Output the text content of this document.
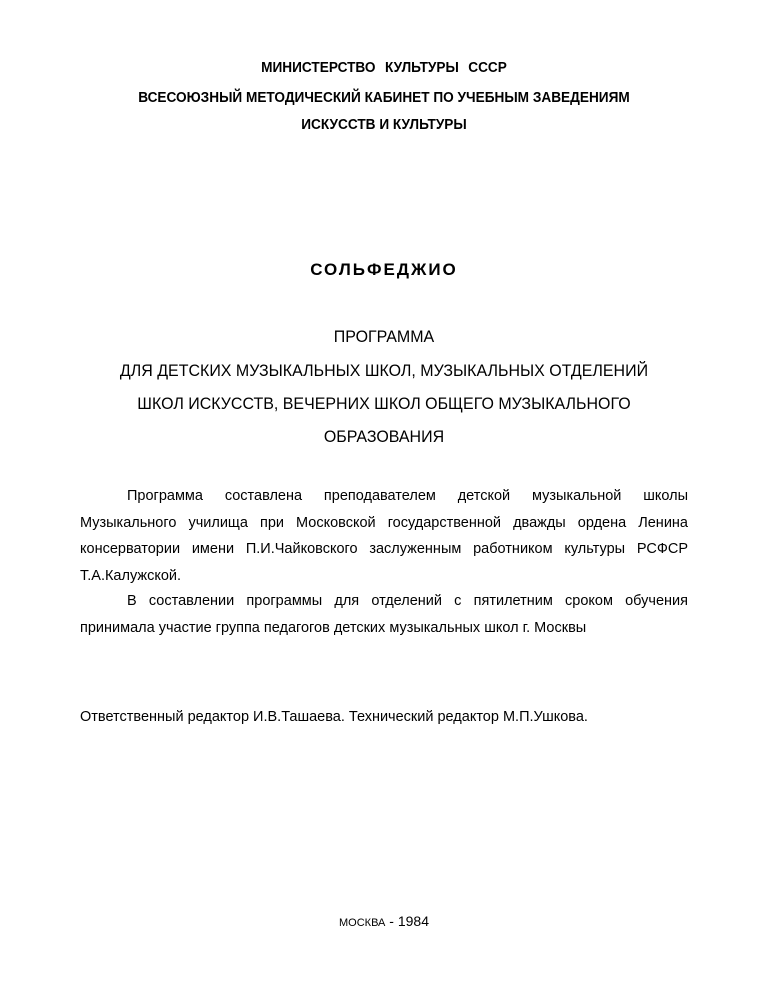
МИНИСТЕРСТВО КУЛЬТУРЫ СССР
ВСЕСОЮЗНЫЙ МЕТОДИЧЕСКИЙ КАБИНЕТ ПО УЧЕБНЫМ ЗАВЕДЕНИЯМ
ИСКУССТВ И КУЛЬТУРЫ
СОЛЬФЕДЖИО
ПРОГРАММА
ДЛЯ ДЕТСКИХ МУЗЫКАЛЬНЫХ ШКОЛ, МУЗЫКАЛЬНЫХ ОТДЕЛЕНИЙ
ШКОЛ ИСКУССТВ, ВЕЧЕРНИХ ШКОЛ ОБЩЕГО МУЗЫКАЛЬНОГО
ОБРАЗОВАНИЯ
Программа составлена преподавателем детской музыкальной школы Музыкального училища при Московской государственной дважды ордена Ленина консерватории имени П.И.Чайковского заслуженным работником культуры РСФСР Т.А.Калужской.
В составлении программы для отделений с пятилетним сроком обучения принимала участие группа педагогов детских музыкальных школ г. Москвы
Ответственный редактор И.В.Ташаева. Технический редактор М.П.Ушкова.
МОСКВА - 1984
